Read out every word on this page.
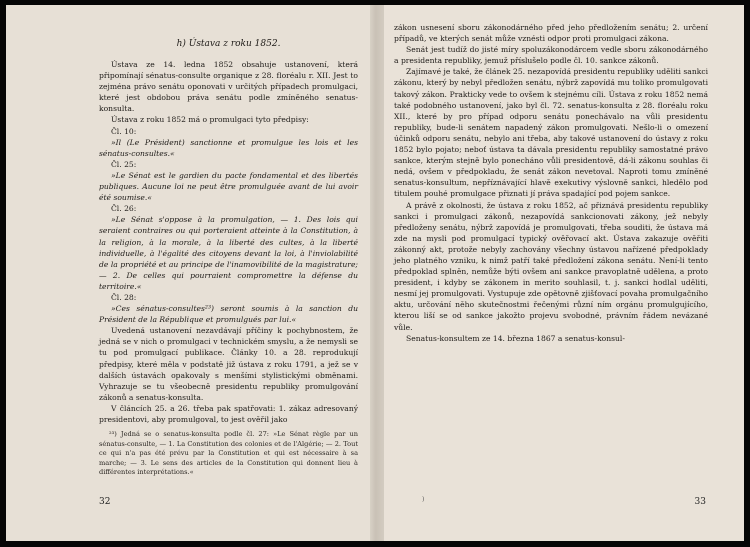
h) Ústava z roku 1852.

Ústava ze 14. ledna 1852 obsahuje ustanovení, která připomínají sénatus-consulte organique z 28. floréalu r. XII. Jest to zejména právo senátu oponovati v určitých případech promulgaci, které jest obdobou práva senátu podle zmíněného senatus-konsulta.

Ústava z roku 1852 má o promulgaci tyto předpisy:

Čl. 10:

»Il (Le Président) sanctionne et promulgue les lois et les sénatus-consultes.«

Čl. 25:

»Le Sénat est le gardien du pacte fondamental et des libertés publiques. Aucune loi ne peut être promulguée avant de lui avoir été soumise.«

Čl. 26:

»Le Sénat s'oppose à la promulgation, — 1. Des lois qui seraient contraires ou qui porteraient atteinte à la Constitution, à la religion, à la morale, à la liberté des cultes, à la liberté individuelle, à l'égalité des citoyens devant la loi, à l'inviolabilité de la propriété et au principe de l'inamovibilité de la magistrature; — 2. De celles qui pourraient compromettre la défense du territoire.«

Čl. 28:

»Ces sénatus-consultes²³) seront soumis à la sanction du Président de la République et promulgués par lui.«

Uvedená ustanovení nezavdávají příčiny k pochybnostem, že jedná se v nich o promulgaci v technickém smyslu, a že nemysli se tu pod promulgací publikace. Články 10. a 28. reprodukují předpisy, které měla v podstatě již ústava z roku 1791, a jež se v dalších ústavách opakovaly s menšími stylistickými obměnami. Vyhrazuje se tu všeobecně presidentu republiky promulgování zákonů a senatus-konsulta.

V článcích 25. a 26. třeba pak spatřovati: 1. zákaz adresovaný presidentovi, aby promulgoval, to jest ověřil jako

²³) Jedná se o senatus-konsulta podle čl. 27: »Le Sénat règle par un sénatus-consulte, — 1. La Constitution des colonies et de l'Algérie; — 2. Tout ce qui n'a pas été prévu par la Constitution et qui est nécessaire à sa marche; — 3. Le sens des articles de la Constitution qui donnent lieu à différentes interprétations.«

32

zákon usnesení sboru zákonodárného před jeho předložením senátu; 2. určení případů, ve kterých senát může vznésti odpor proti promulgaci zákona.

Senát jest tudíž do jisté míry spoluzákonodárcem vedle sboru zákonodárného a presidenta republiky, jemuž příslušelo podle čl. 10. sankce zákonů.

Zajímavé je také, že článek 25. nezapovídá presidentu republiky uděliti sankci zákonu, který by nebyl předložen senátu, nýbrž zapovídá mu toliko promulgovati takový zákon. Prakticky vede to ovšem k stejnému cíli. Ústava z roku 1852 nemá také podobného ustanovení, jako byl čl. 72. senatus-konsulta z 28. floréalu roku XII., které by pro případ odporu senátu ponechávalo na vůli presidentu republiky, bude-li senátem napadený zákon promulgovati. Nešlo-li o omezení účinků odporu senátu, nebylo ani třeba, aby takové ustanovení do ústavy z roku 1852 bylo pojato; neboť ústava ta dávala presidentu republiky samostatné právo sankce, kterým stejně bylo ponecháno vůli presidentově, dá-li zákonu souhlas či nedá, ovšem v předpokladu, že senát zákon nevetoval. Naproti tomu zmíněné senatus-konsultum, nepříznávající hlavě exekutivy výslovně sankci, hledělo pod titulem pouhé promulgace přiznati jí práva spadající pod pojem sankce.

A právě z okolnosti, že ústava z roku 1852, ač přiznává presidentu republiky sankci i promulgaci zákonů, nezapovídá sankcionovati zákony, jež nebyly předloženy senátu, nýbrž zapovídá je promulgovati, třeba souditi, že ústava má zde na mysli pod promulgací typický ověřovací akt. Ústava zakazuje ověřiti zákonný akt, protože nebyly zachovány všechny ústavou nařízené předpoklady jeho platného vzniku, k nimž patří také předložení zákona senátu. Není-li tento předpoklad splněn, nemůže býti ovšem ani sankce pravoplatně udělena, a proto president, i kdyby se zákonem in merito souhlasil, t. j. sankci hodlal uděliti, nesmí jej promulgovati. Vystupuje zde opětovně zjišťovací povaha promulgačního aktu, určování něho skutečnostmi řečenými různí ním orgánu promulgujícího, kterou liší se od sankce jakožto projevu svobodné, právním řádem nevázané vůle.

Senatus-konsultem ze 14. března 1867 a senatus-konsul-

)	33
